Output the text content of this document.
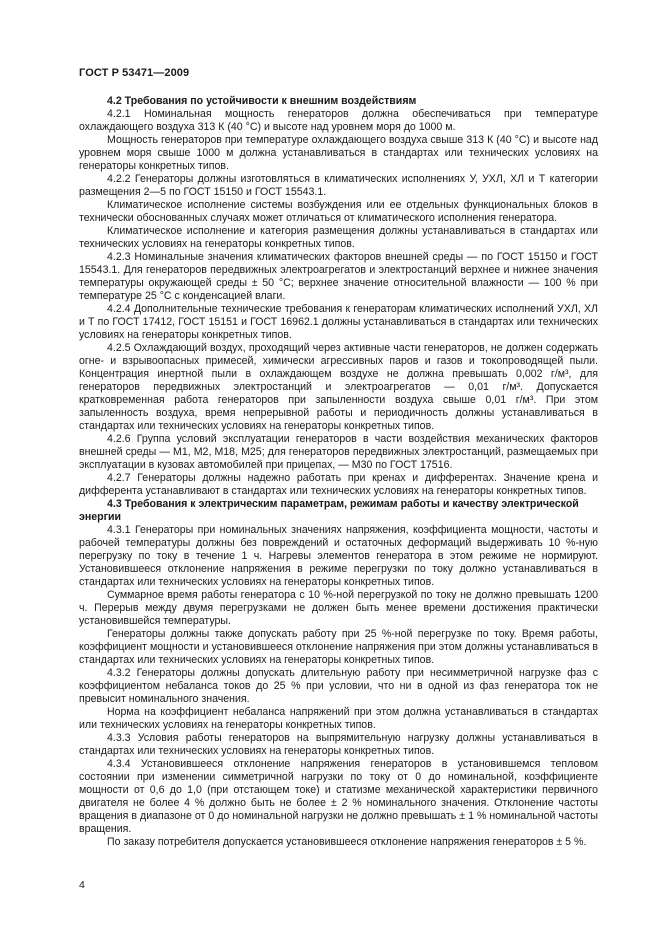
ГОСТ Р 53471—2009

4.2 Требования по устойчивости к внешним воздействиям

4.2.1 Номинальная мощность генераторов должна обеспечиваться при температуре охлаждающего воздуха 313 К (40 °С) и высоте над уровнем моря до 1000 м.

Мощность генераторов при температуре охлаждающего воздуха свыше 313 К (40 °С) и высоте над уровнем моря свыше 1000 м должна устанавливаться в стандартах или технических условиях на генераторы конкретных типов.

4.2.2 Генераторы должны изготовляться в климатических исполнениях У, УХЛ, ХЛ и Т категории размещения 2—5 по ГОСТ 15150 и ГОСТ 15543.1.

Климатическое исполнение системы возбуждения или ее отдельных функциональных блоков в технически обоснованных случаях может отличаться от климатического исполнения генератора.

Климатическое исполнение и категория размещения должны устанавливаться в стандартах или технических условиях на генераторы конкретных типов.

4.2.3 Номинальные значения климатических факторов внешней среды — по ГОСТ 15150 и ГОСТ 15543.1. Для генераторов передвижных электроагрегатов и электростанций верхнее и нижнее значения температуры окружающей среды ± 50 °С; верхнее значение относительной влажности — 100 % при температуре 25 °С с конденсацией влаги.

4.2.4 Дополнительные технические требования к генераторам климатических исполнений УХЛ, ХЛ и Т по ГОСТ 17412, ГОСТ 15151 и ГОСТ 16962.1 должны устанавливаться в стандартах или технических условиях на генераторы конкретных типов.

4.2.5 Охлаждающий воздух, проходящий через активные части генераторов, не должен содержать огне- и взрывоопасных примесей, химически агрессивных паров и газов и токопроводящей пыли. Концентрация инертной пыли в охлаждающем воздухе не должна превышать 0,002 г/м³, для генераторов передвижных электростанций и электроагрегатов — 0,01 г/м³. Допускается кратковременная работа генераторов при запыленности воздуха свыше 0,01 г/м³. При этом запыленность воздуха, время непрерывной работы и периодичность должны устанавливаться в стандартах или технических условиях на генераторы конкретных типов.

4.2.6 Группа условий эксплуатации генераторов в части воздействия механических факторов внешней среды — М1, М2, М18, М25; для генераторов передвижных электростанций, размещаемых при эксплуатации в кузовах автомобилей при прицепах, — М30 по ГОСТ 17516.

4.2.7 Генераторы должны надежно работать при кренах и дифферентах. Значение крена и дифферента устанавливают в стандартах или технических условиях на генераторы конкретных типов.

4.3 Требования к электрическим параметрам, режимам работы и качеству электрической энергии

4.3.1 Генераторы при номинальных значениях напряжения, коэффициента мощности, частоты и рабочей температуры должны без повреждений и остаточных деформаций выдерживать 10 %-ную перегрузку по току в течение 1 ч. Нагревы элементов генератора в этом режиме не нормируют. Установившееся отклонение напряжения в режиме перегрузки по току должно устанавливаться в стандартах или технических условиях на генераторы конкретных типов.

Суммарное время работы генератора с 10 %-ной перегрузкой по току не должно превышать 1200 ч. Перерыв между двумя перегрузками не должен быть менее времени достижения практически установившейся температуры.

Генераторы должны также допускать работу при 25 %-ной перегрузке по току. Время работы, коэффициент мощности и установившееся отклонение напряжения при этом должны устанавливаться в стандартах или технических условиях на генераторы конкретных типов.

4.3.2 Генераторы должны допускать длительную работу при несимметричной нагрузке фаз с коэффициентом небаланса токов до 25 % при условии, что ни в одной из фаз генератора ток не превысит номинального значения.

Норма на коэффициент небаланса напряжений при этом должна устанавливаться в стандартах или технических условиях на генераторы конкретных типов.

4.3.3 Условия работы генераторов на выпрямительную нагрузку должны устанавливаться в стандартах или технических условиях на генераторы конкретных типов.

4.3.4 Установившееся отклонение напряжения генераторов в установившемся тепловом состоянии при изменении симметричной нагрузки по току от 0 до номинальной, коэффициенте мощности от 0,6 до 1,0 (при отстающем токе) и статизме механической характеристики первичного двигателя не более 4 % должно быть не более ± 2 % номинального значения. Отклонение частоты вращения в диапазоне от 0 до номинальной нагрузки не должно превышать ± 1 % номинальной частоты вращения.

По заказу потребителя допускается установившееся отклонение напряжения генераторов ± 5 %.

4
